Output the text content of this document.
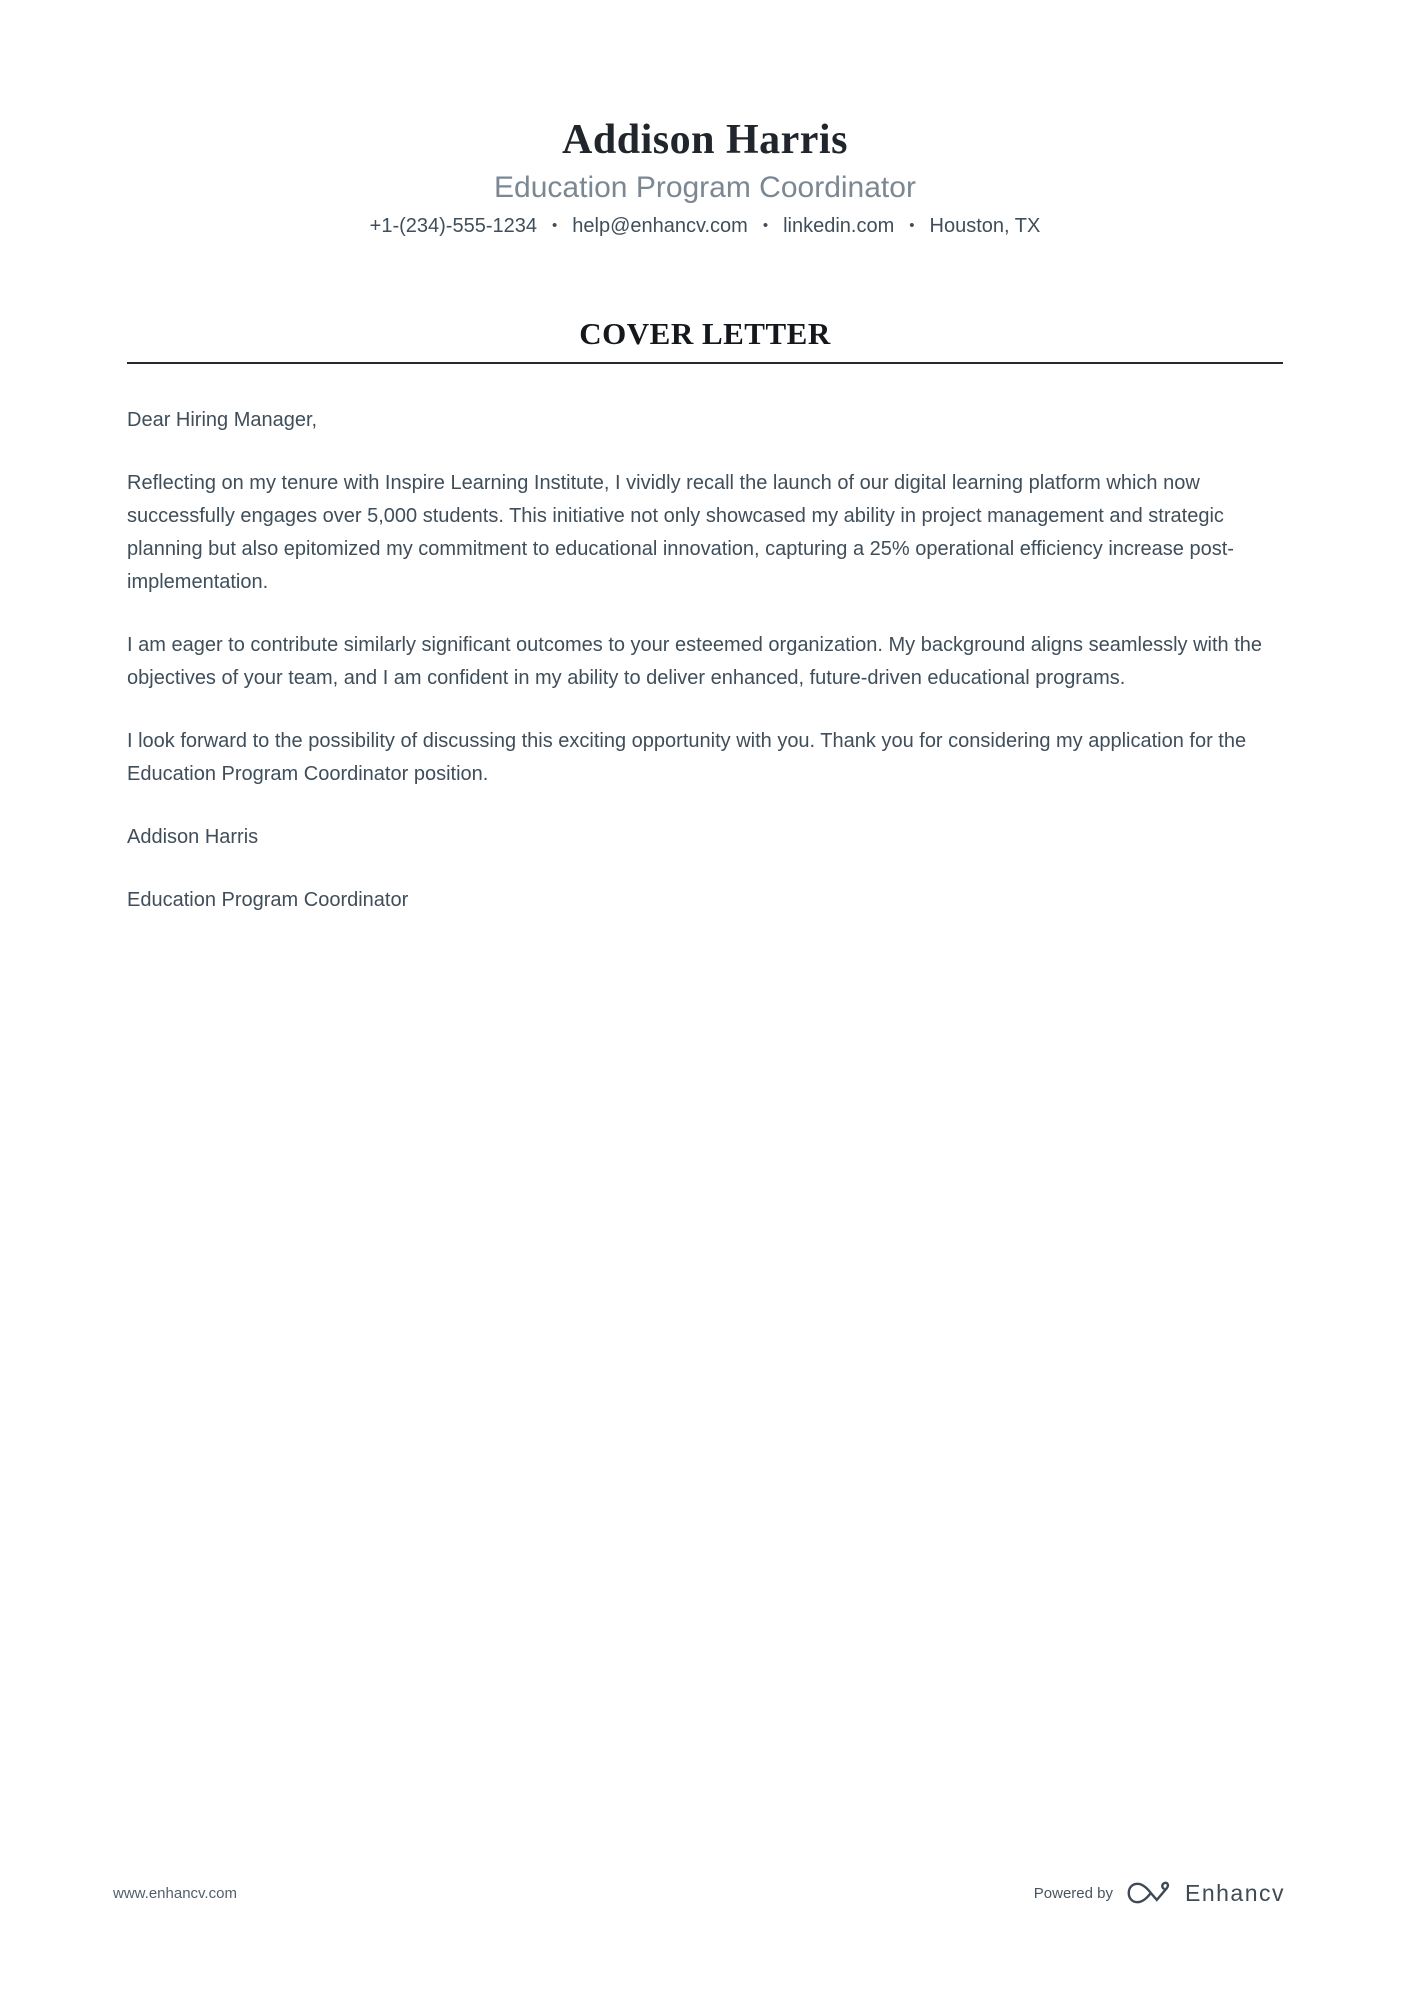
Addison Harris
Education Program Coordinator
+1-(234)-555-1234 • help@enhancv.com • linkedin.com • Houston, TX
COVER LETTER

Dear Hiring Manager,

Reflecting on my tenure with Inspire Learning Institute, I vividly recall the launch of our digital learning platform which now successfully engages over 5,000 students. This initiative not only showcased my ability in project management and strategic planning but also epitomized my commitment to educational innovation, capturing a 25% operational efficiency increase post-implementation.

I am eager to contribute similarly significant outcomes to your esteemed organization. My background aligns seamlessly with the objectives of your team, and I am confident in my ability to deliver enhanced, future-driven educational programs.

I look forward to the possibility of discussing this exciting opportunity with you. Thank you for considering my application for the Education Program Coordinator position.

Addison Harris

Education Program Coordinator

www.enhancv.com	Powered by	Enhancv
